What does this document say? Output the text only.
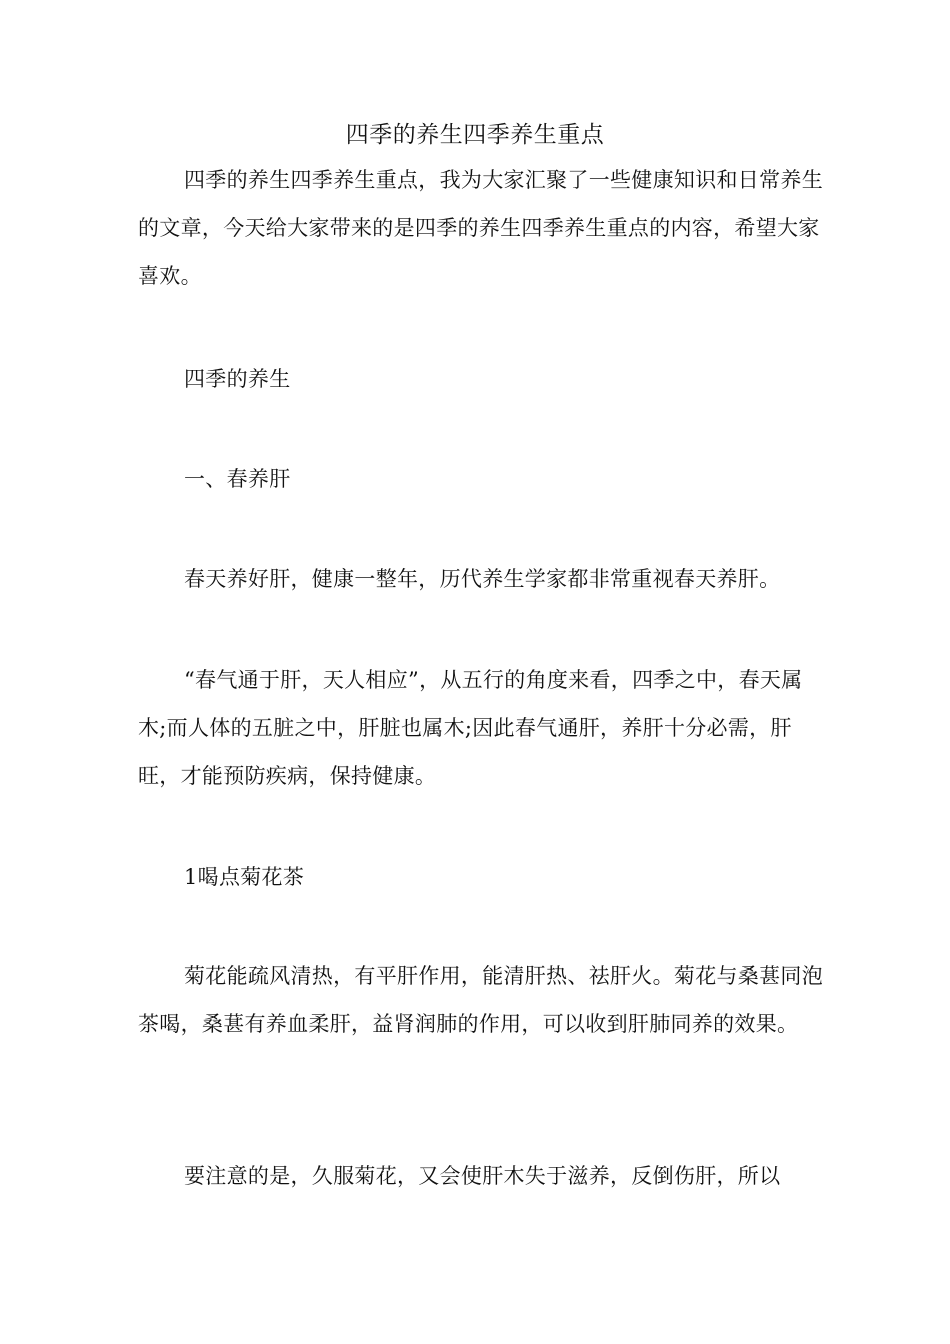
四季的养生四季养生重点

四季的养生四季养生重点，我为大家汇聚了一些健康知识和日常养生的文章，今天给大家带来的是四季的养生四季养生重点的内容，希望大家喜欢。

四季的养生

一、春养肝

春天养好肝，健康一整年，历代养生学家都非常重视春天养肝。

“春气通于肝，天人相应”，从五行的角度来看，四季之中，春天属木;而人体的五脏之中，肝脏也属木;因此春气通肝，养肝十分必需，肝旺，才能预防疾病，保持健康。

1喝点菊花茶

菊花能疏风清热，有平肝作用，能清肝热、祛肝火。菊花与桑葚同泡茶喝，桑葚有养血柔肝，益肾润肺的作用，可以收到肝肺同养的效果。

要注意的是，久服菊花，又会使肝木失于滋养，反倒伤肝，所以
